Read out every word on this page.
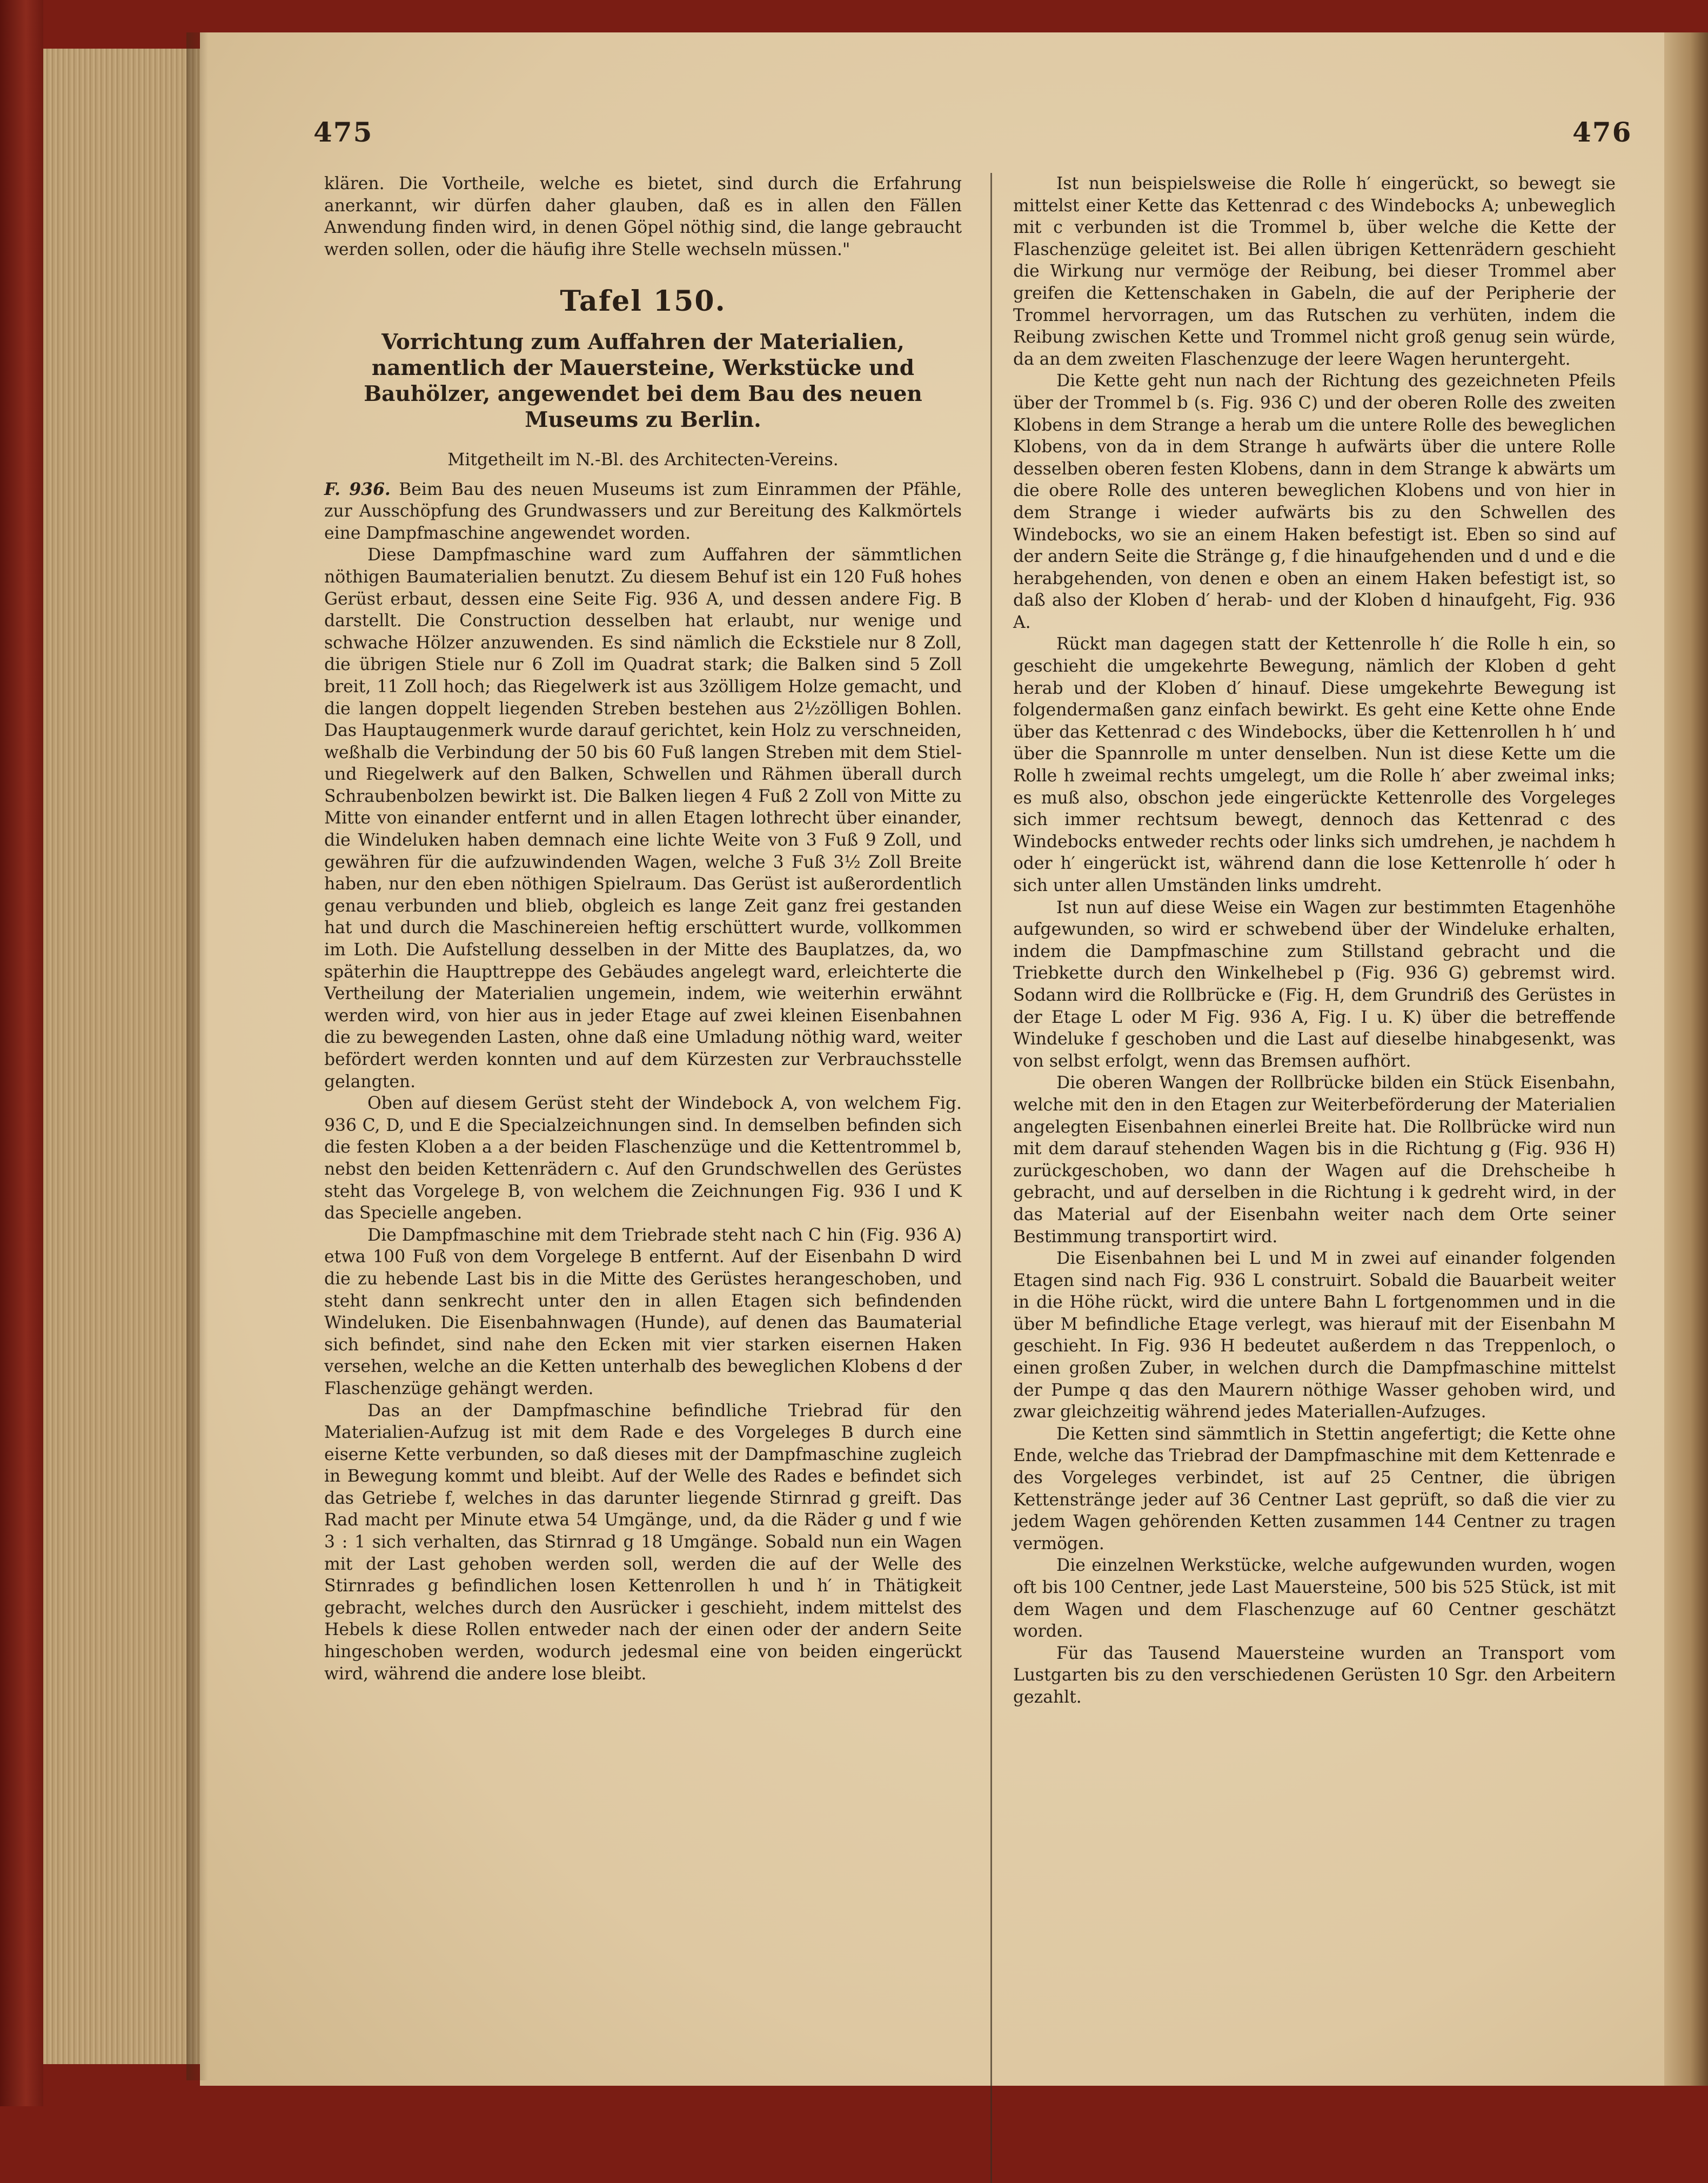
475	476

klären. Die Vortheile, welche es bietet, sind durch die Erfahrung anerkannt, wir dürfen daher glauben, daß es in allen den Fällen Anwendung finden wird, in denen Göpel nöthig sind, die lange gebraucht werden sollen, oder die häufig ihre Stelle wechseln müssen."

Tafel 150.
Vorrichtung zum Auffahren der Materialien, namentlich der Mauersteine, Werkstücke und Bauhölzer, angewendet bei dem Bau des neuen Museums zu Berlin.
Mitgetheilt im N.-Bl. des Architecten-Vereins.

F. 936. Beim Bau des neuen Museums ist zum Einrammen der Pfähle, zur Ausschöpfung des Grundwassers und zur Bereitung des Kalkmörtels eine Dampfmaschine angewendet worden.

Diese Dampfmaschine ward zum Auffahren der sämmtlichen nöthigen Baumaterialien benutzt. Zu diesem Behuf ist ein 120 Fuß hohes Gerüst erbaut, dessen eine Seite Fig. 936 A, und dessen andere Fig. B darstellt. Die Construction desselben hat erlaubt, nur wenige und schwache Hölzer anzuwenden. Es sind nämlich die Eckstiele nur 8 Zoll, die übrigen Stiele nur 6 Zoll im Quadrat stark; die Balken sind 5 Zoll breit, 11 Zoll hoch; das Riegelwerk ist aus 3zölligem Holze gemacht, und die langen doppelt liegenden Streben bestehen aus 2½zölligen Bohlen. Das Hauptaugenmerk wurde darauf gerichtet, kein Holz zu verschneiden, weßhalb die Verbindung der 50 bis 60 Fuß langen Streben mit dem Stiel- und Riegelwerk auf den Balken, Schwellen und Rähmen überall durch Schraubenbolzen bewirkt ist. Die Balken liegen 4 Fuß 2 Zoll von Mitte zu Mitte von einander entfernt und in allen Etagen lothrecht über einander, die Windeluken haben demnach eine lichte Weite von 3 Fuß 9 Zoll, und gewähren für die aufzuwindenden Wagen, welche 3 Fuß 3½ Zoll Breite haben, nur den eben nöthigen Spielraum. Das Gerüst ist außerordentlich genau verbunden und blieb, obgleich es lange Zeit ganz frei gestanden hat und durch die Maschinereien heftig erschüttert wurde, vollkommen im Loth. Die Aufstellung desselben in der Mitte des Bauplatzes, da, wo späterhin die Haupttreppe des Gebäudes angelegt ward, erleichterte die Vertheilung der Materialien ungemein, indem, wie weiterhin erwähnt werden wird, von hier aus in jeder Etage auf zwei kleinen Eisenbahnen die zu bewegenden Lasten, ohne daß eine Umladung nöthig ward, weiter befördert werden konnten und auf dem Kürzesten zur Verbrauchsstelle gelangten.

Oben auf diesem Gerüst steht der Windebock A, von welchem Fig. 936 C, D, und E die Specialzeichnungen sind. In demselben befinden sich die festen Kloben a a der beiden Flaschenzüge und die Kettentrommel b, nebst den beiden Kettenrädern c. Auf den Grundschwellen des Gerüstes steht das Vorgelege B, von welchem die Zeichnungen Fig. 936 I und K das Specielle angeben.

Die Dampfmaschine mit dem Triebrade steht nach C hin (Fig. 936 A) etwa 100 Fuß von dem Vorgelege B entfernt. Auf der Eisenbahn D wird die zu hebende Last bis in die Mitte des Gerüstes herangeschoben, und steht dann senkrecht unter den in allen Etagen sich befindenden Windeluken. Die Eisenbahnwagen (Hunde), auf denen das Baumaterial sich befindet, sind nahe den Ecken mit vier starken eisernen Haken versehen, welche an die Ketten unterhalb des beweglichen Klobens d der Flaschenzüge gehängt werden.

Das an der Dampfmaschine befindliche Triebrad für den Materialien-Aufzug ist mit dem Rade e des Vorgeleges B durch eine eiserne Kette verbunden, so daß dieses mit der Dampfmaschine zugleich in Bewegung kommt und bleibt. Auf der Welle des Rades e befindet sich das Getriebe f, welches in das darunter liegende Stirnrad g greift. Das Rad macht per Minute etwa 54 Umgänge, und, da die Räder g und f wie 3 : 1 sich verhalten, das Stirnrad g 18 Umgänge. Sobald nun ein Wagen mit der Last gehoben werden soll, werden die auf der Welle des Stirnrades g befindlichen losen Kettenrollen h und h′ in Thätigkeit gebracht, welches durch den Ausrücker i geschieht, indem mittelst des Hebels k diese Rollen entweder nach der einen oder der andern Seite hingeschoben werden, wodurch jedesmal eine von beiden eingerückt wird, während die andere lose bleibt.

Ist nun beispielsweise die Rolle h′ eingerückt, so bewegt sie mittelst einer Kette das Kettenrad c des Windebocks A; unbeweglich mit c verbunden ist die Trommel b, über welche die Kette der Flaschenzüge geleitet ist. Bei allen übrigen Kettenrädern geschieht die Wirkung nur vermöge der Reibung, bei dieser Trommel aber greifen die Kettenschaken in Gabeln, die auf der Peripherie der Trommel hervorragen, um das Rutschen zu verhüten, indem die Reibung zwischen Kette und Trommel nicht groß genug sein würde, da an dem zweiten Flaschenzuge der leere Wagen heruntergeht.

Die Kette geht nun nach der Richtung des gezeichneten Pfeils über der Trommel b (s. Fig. 936 C) und der oberen Rolle des zweiten Klobens in dem Strange a herab um die untere Rolle des beweglichen Klobens, von da in dem Strange h aufwärts über die untere Rolle desselben oberen festen Klobens, dann in dem Strange k abwärts um die obere Rolle des unteren beweglichen Klobens und von hier in dem Strange i wieder aufwärts bis zu den Schwellen des Windebocks, wo sie an einem Haken befestigt ist. Eben so sind auf der andern Seite die Stränge g, f die hinaufgehenden und d und e die herabgehenden, von denen e oben an einem Haken befestigt ist, so daß also der Kloben d′ herab- und der Kloben d hinaufgeht, Fig. 936 A.

Rückt man dagegen statt der Kettenrolle h′ die Rolle h ein, so geschieht die umgekehrte Bewegung, nämlich der Kloben d geht herab und der Kloben d′ hinauf. Diese umgekehrte Bewegung ist folgendermaßen ganz einfach bewirkt. Es geht eine Kette ohne Ende über das Kettenrad c des Windebocks, über die Kettenrollen h h′ und über die Spannrolle m unter denselben. Nun ist diese Kette um die Rolle h zweimal rechts umgelegt, um die Rolle h′ aber zweimal inks; es muß also, obschon jede eingerückte Kettenrolle des Vorgeleges sich immer rechtsum bewegt, dennoch das Kettenrad c des Windebocks entweder rechts oder links sich umdrehen, je nachdem h oder h′ eingerückt ist, während dann die lose Kettenrolle h′ oder h sich unter allen Umständen links umdreht.

Ist nun auf diese Weise ein Wagen zur bestimmten Etagenhöhe aufgewunden, so wird er schwebend über der Windeluke erhalten, indem die Dampfmaschine zum Stillstand gebracht und die Triebkette durch den Winkelhebel p (Fig. 936 G) gebremst wird. Sodann wird die Rollbrücke e (Fig. H, dem Grundriß des Gerüstes in der Etage L oder M Fig. 936 A, Fig. I u. K) über die betreffende Windeluke f geschoben und die Last auf dieselbe hinabgesenkt, was von selbst erfolgt, wenn das Bremsen aufhört.

Die oberen Wangen der Rollbrücke bilden ein Stück Eisenbahn, welche mit den in den Etagen zur Weiterbeförderung der Materialien angelegten Eisenbahnen einerlei Breite hat. Die Rollbrücke wird nun mit dem darauf stehenden Wagen bis in die Richtung g (Fig. 936 H) zurückgeschoben, wo dann der Wagen auf die Drehscheibe h gebracht, und auf derselben in die Richtung i k gedreht wird, in der das Material auf der Eisenbahn weiter nach dem Orte seiner Bestimmung transportirt wird.

Die Eisenbahnen bei L und M in zwei auf einander folgenden Etagen sind nach Fig. 936 L construirt. Sobald die Bauarbeit weiter in die Höhe rückt, wird die untere Bahn L fortgenommen und in die über M befindliche Etage verlegt, was hierauf mit der Eisenbahn M geschieht. In Fig. 936 H bedeutet außerdem n das Treppenloch, o einen großen Zuber, in welchen durch die Dampfmaschine mittelst der Pumpe q das den Maurern nöthige Wasser gehoben wird, und zwar gleichzeitig während jedes Materiallen-Aufzuges.

Die Ketten sind sämmtlich in Stettin angefertigt; die Kette ohne Ende, welche das Triebrad der Dampfmaschine mit dem Kettenrade e des Vorgeleges verbindet, ist auf 25 Centner, die übrigen Kettenstränge jeder auf 36 Centner Last geprüft, so daß die vier zu jedem Wagen gehörenden Ketten zusammen 144 Centner zu tragen vermögen.

Die einzelnen Werkstücke, welche aufgewunden wurden, wogen oft bis 100 Centner, jede Last Mauersteine, 500 bis 525 Stück, ist mit dem Wagen und dem Flaschenzuge auf 60 Centner geschätzt worden.

Für das Tausend Mauersteine wurden an Transport vom Lustgarten bis zu den verschiedenen Gerüsten 10 Sgr. den Arbeitern gezahlt.
